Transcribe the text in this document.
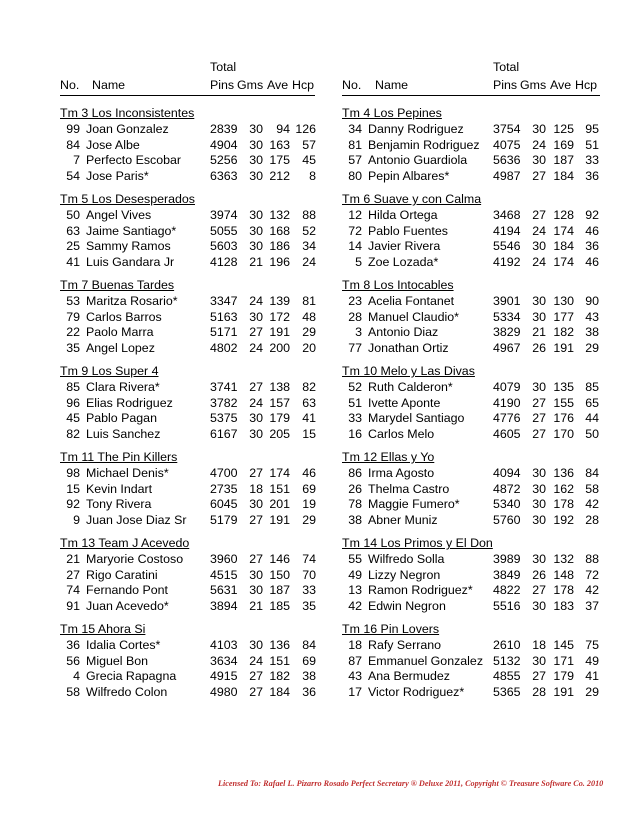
Total
No. Name	Pins Gms Ave Hcp
Tm 3 Los Inconsistentes
99 Joan Gonzalez	2839 30	94 126
84 Jose Albe	4904 30 163 57
7 Perfecto Escobar 5256 30 175 45
54 Jose Paris*	6363 30 212	8
Tm 5 Los Desesperados
50 Angel Vives	3974 30 132 88
63 Jaime Santiago*	5055 30 168 52
25 Sammy Ramos	5603 30 186 34
41 Luis Gandara Jr	4128 21 196 24
Tm 7 Buenas Tardes
53 Maritza Rosario*	3347 24 139 81
79 Carlos Barros	5163 30 172 48
22 Paolo Marra	5171 27 191 29
35 Angel Lopez	4802 24 200 20
Tm 9 Los Super 4
85 Clara Rivera*	3741 27 138 82
96 Elias Rodriguez	3782 24 157 63
45 Pablo Pagan	5375 30 179 41
82 Luis Sanchez	6167 30 205 15
Tm 11 The Pin Killers
98 Michael Denis*	4700 27 174 46
15 Kevin Indart	2735 18 151 69
92 Tony Rivera	6045 30 201 19
9 Juan Jose Diaz Sr 5179 27 191 29
Tm 13 Team J Acevedo
21 Maryorie Costoso 3960 27 146 74
27 Rigo Caratini	4515 30 150 70
74 Fernando Pont	5631 30 187 33
91 Juan Acevedo*	3894 21 185 35
Tm 15 Ahora Si
36 Idalia Cortes*	4103 30 136 84
56 Miguel Bon	3634 24 151 69
4 Grecia Rapagna	4915 27 182 38
58 Wilfredo Colon	4980 27 184 36
Total
No. Name	Pins Gms Ave Hcp
Tm 4 Los Pepines
34 Danny Rodriguez 3754 30 125 95
81 Benjamin Rodriguez 4075 24 169 51
57 Antonio Guardiola 5636 30 187 33
80 Pepin Albares*	4987 27 184 36
Tm 6 Suave y con Calma
12 Hilda Ortega	3468 27 128 92
72 Pablo Fuentes	4194 24 174 46
14 Javier Rivera	5546 30 184 36
5 Zoe Lozada*	4192 24 174 46
Tm 8 Los Intocables
23 Acelia Fontanet	3901 30 130 90
28 Manuel Claudio*	5334 30 177 43
3 Antonio Diaz	3829 21 182 38
77 Jonathan Ortiz	4967 26 191 29
Tm 10 Melo y Las Divas
52 Ruth Calderon*	4079 30 135 85
51 Ivette Aponte	4190 27 155 65
33 Marydel Santiago 4776 27 176 44
16 Carlos Melo	4605 27 170 50
Tm 12 Ellas y Yo
86 Irma Agosto	4094 30 136 84
26 Thelma Castro	4872 30 162 58
78 Maggie Fumero*	5340 30 178 42
38 Abner Muniz	5760 30 192 28
Tm 14 Los Primos y El Don
55 Wilfredo Solla	3989 30 132 88
49 Lizzy Negron	3849 26 148 72
13 Ramon Rodriguez* 4822 27 178 42
42 Edwin Negron	5516 30 183 37
Tm 16 Pin Lovers
18 Rafy Serrano	2610 18 145 75
87 Emmanuel Gonzalez 5132 30 171 49
43 Ana Bermudez	4855 27 179 41
17 Victor Rodriguez* 5365 28 191 29
Licensed To: Rafael L. Pizarro Rosado Perfect Secretary ® Deluxe 2011, Copyright © Treasure Software Co. 2010
